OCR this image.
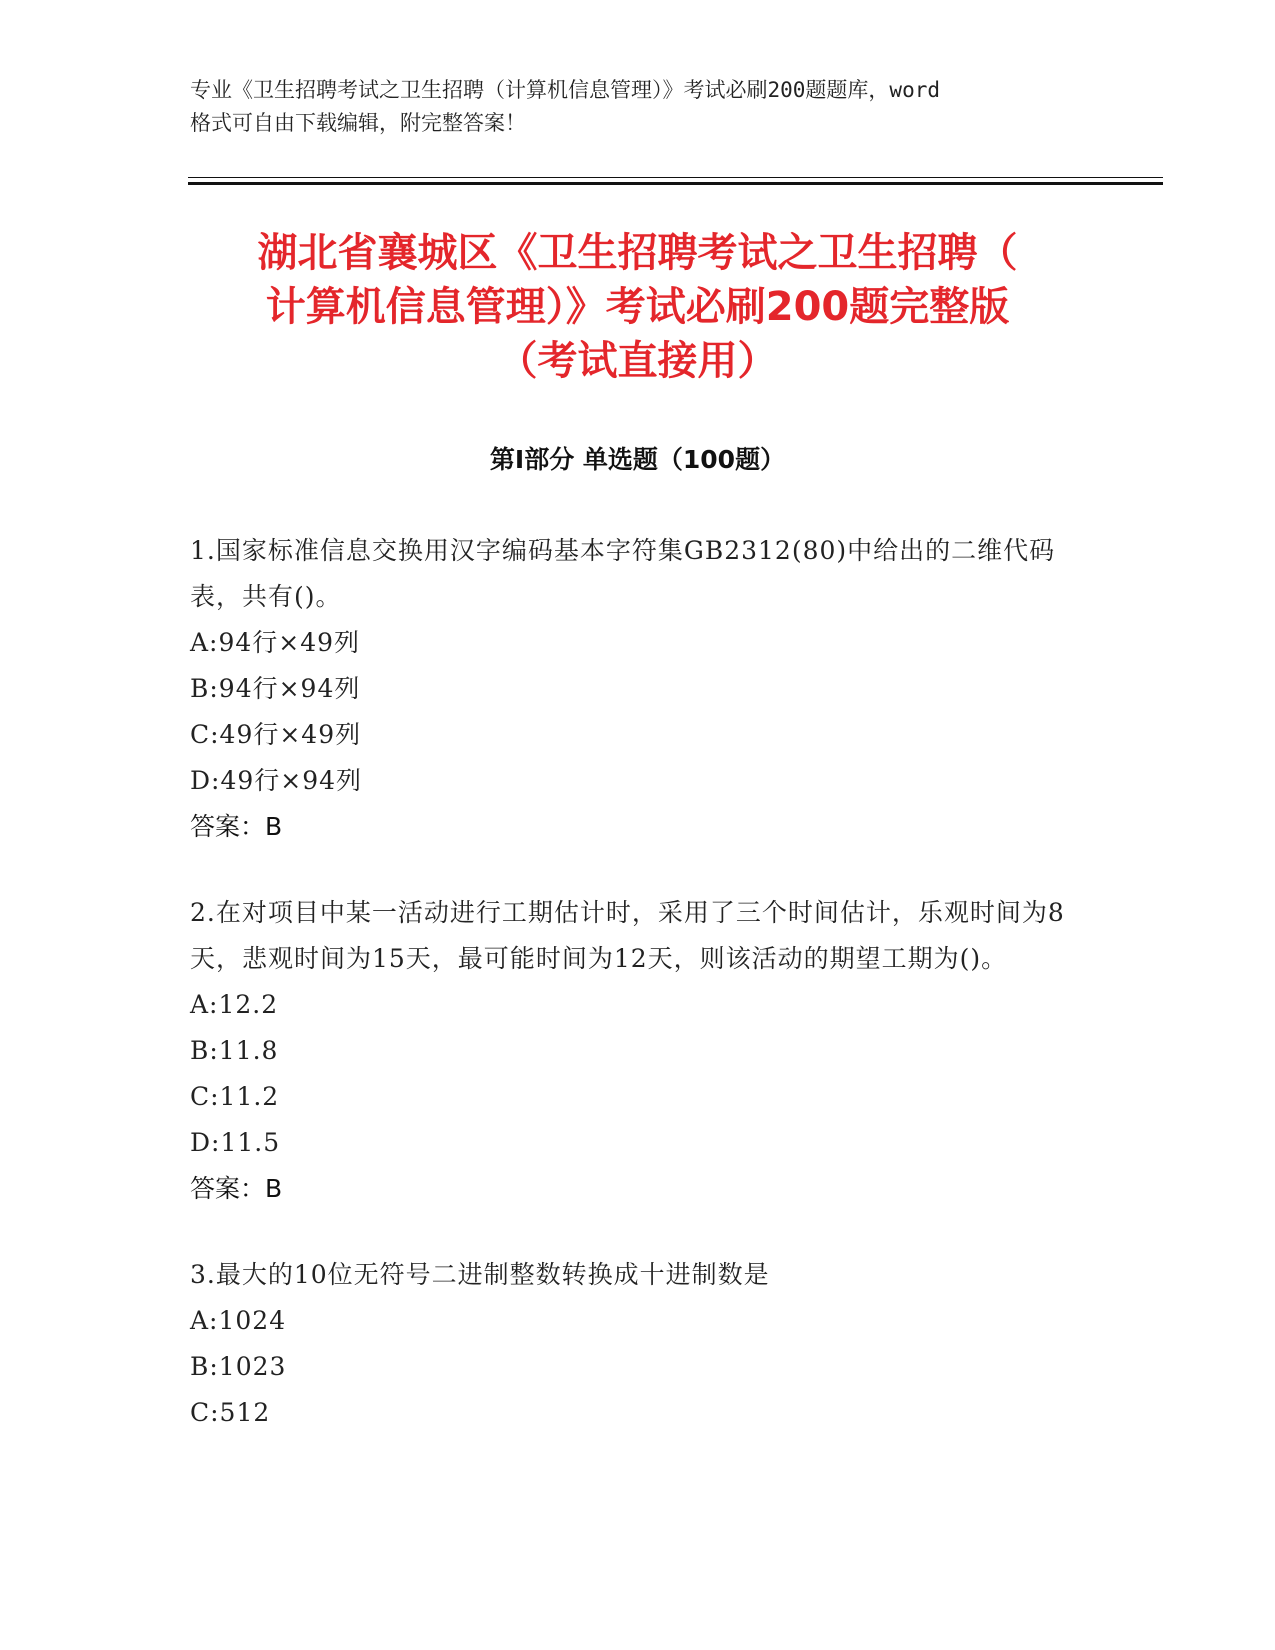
专业《卫生招聘考试之卫生招聘（计算机信息管理）》考试必刷200题题库，word

格式可自由下载编辑，附完整答案！

湖北省襄城区《卫生招聘考试之卫生招聘（
计算机信息管理）》考试必刷200题完整版
（考试直接用）
第Ⅰ部分 单选题（100题）

1.国家标准信息交换用汉字编码基本字符集GB2312(80)中给出的二维代码表，共有()。

A:94行×49列

B:94行×94列

C:49行×49列

D:49行×94列

答案：B

2.在对项目中某一活动进行工期估计时，采用了三个时间估计，乐观时间为8天，悲观时间为15天，最可能时间为12天，则该活动的期望工期为()。

A:12.2

B:11.8

C:11.2

D:11.5

答案：B

3.最大的10位无符号二进制整数转换成十进制数是

A:1024

B:1023

C:512
